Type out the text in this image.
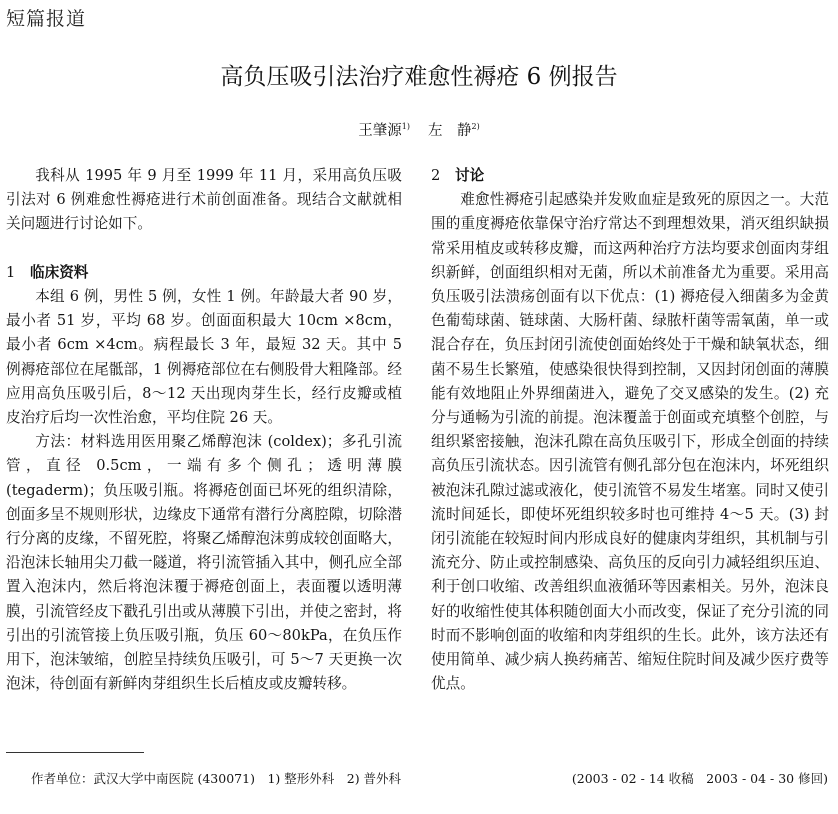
短篇报道
高负压吸引法治疗难愈性褥疮 6 例报告
王肇源$^{1)}$ 左　静$^{2)}$

我科从 1995 年 9 月至 1999 年 11 月，采用高负压吸引法对 6 例难愈性褥疮进行术前创面准备。现结合文献就相关问题进行讨论如下。

1 临床资料

本组 6 例，男性 5 例，女性 1 例。年龄最大者 90 岁，最小者 51 岁，平均 68 岁。创面面积最大 10cm ×8cm，最小者 6cm ×4cm。病程最长 3 年，最短 32 天。其中 5 例褥疮部位在尾骶部，1 例褥疮部位在右侧股骨大粗隆部。经应用高负压吸引后，8～12 天出现肉芽生长，经行皮瓣或植皮治疗后均一次性治愈，平均住院 26 天。

方法：材料选用医用聚乙烯醇泡沫 (coldex)；多孔引流管，直径 0.5cm，一端有多个侧孔；透明薄膜 (tegaderm)；负压吸引瓶。将褥疮创面已坏死的组织清除，创面多呈不规则形状，边缘皮下通常有潜行分离腔隙，切除潜行分离的皮缘，不留死腔，将聚乙烯醇泡沫剪成较创面略大，沿泡沫长轴用尖刀截一隧道，将引流管插入其中，侧孔应全部置入泡沫内，然后将泡沫覆于褥疮创面上，表面覆以透明薄膜，引流管经皮下戳孔引出或从薄膜下引出，并使之密封，将引出的引流管接上负压吸引瓶，负压 60～80kPa，在负压作用下，泡沫皱缩，创腔呈持续负压吸引，可 5～7 天更换一次泡沫，待创面有新鲜肉芽组织生长后植皮或皮瓣转移。

2 讨论

难愈性褥疮引起感染并发败血症是致死的原因之一。大范围的重度褥疮依靠保守治疗常达不到理想效果，消灭组织缺损常采用植皮或转移皮瓣，而这两种治疗方法均要求创面肉芽组织新鲜，创面组织相对无菌，所以术前准备尤为重要。采用高负压吸引法溃疡创面有以下优点：(1) 褥疮侵入细菌多为金黄色葡萄球菌、链球菌、大肠杆菌、绿脓杆菌等需氧菌，单一或混合存在，负压封闭引流使创面始终处于干燥和缺氧状态，细菌不易生长繁殖，使感染很快得到控制，又因封闭创面的薄膜能有效地阻止外界细菌进入，避免了交叉感染的发生。(2) 充分与通畅为引流的前提。泡沫覆盖于创面或充填整个创腔，与组织紧密接触，泡沫孔隙在高负压吸引下，形成全创面的持续高负压引流状态。因引流管有侧孔部分包在泡沫内，坏死组织被泡沫孔隙过滤或液化，使引流管不易发生堵塞。同时又使引流时间延长，即使坏死组织较多时也可维持 4～5 天。(3) 封闭引流能在较短时间内形成良好的健康肉芽组织，其机制与引流充分、防止或控制感染、高负压的反向引力减轻组织压迫、利于创口收缩、改善组织血液循环等因素相关。另外，泡沫良好的收缩性使其体积随创面大小而改变，保证了充分引流的同时而不影响创面的收缩和肉芽组织的生长。此外，该方法还有使用简单、减少病人换药痛苦、缩短住院时间及减少医疗费等优点。

作者单位：武汉大学中南医院 (430071)　1) 整形外科　2) 普外科	(2003 - 02 - 14 收稿　2003 - 04 - 30 修回)
